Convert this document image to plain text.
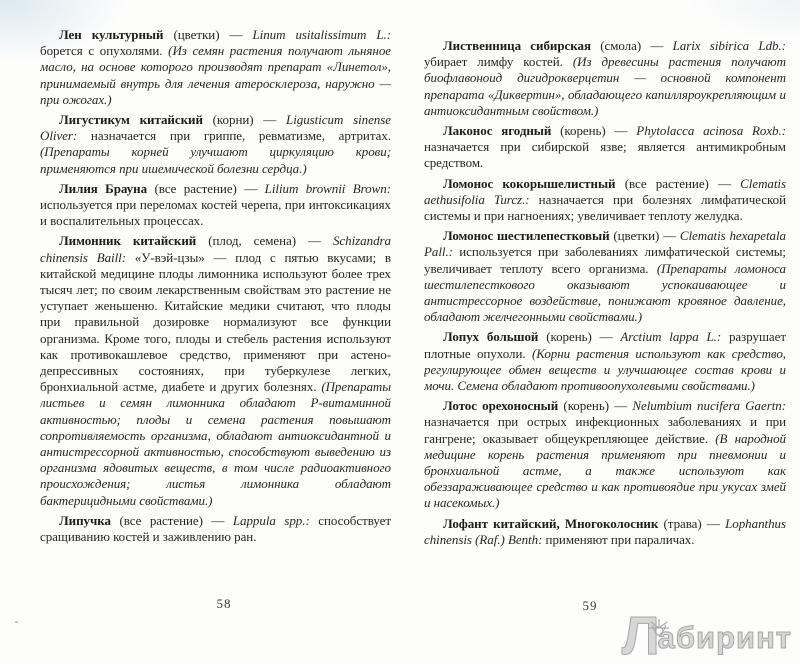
Лен культурный (цветки) — Linum usitalissimum L.: борется с опухолями. (Из семян растения получают льняное масло, на основе которого производят препарат «Линетол», принимаемый внутрь для лечения атеросклероза, наружно — при ожогах.)

Лигустикум китайский (корни) — Ligusticum sinense Oliver: назначается при гриппе, ревматизме, артритах. (Препараты корней улучшают циркуляцию крови; применяются при ишемической болезни сердца.)

Лилия Брауна (все растение) — Lilium brownii Brown: используется при переломах костей черепа, при интоксикациях и воспалительных процессах.

Лимонник китайский (плод, семена) — Schizandra chinensis Baill: «У-вэй-цзы» — плод с пятью вкусами; в китайской медицине плоды лимонника используют более трех тысяч лет; по своим лекарственным свойствам это растение не уступает женьшеню. Китайские медики считают, что плоды при правильной дозировке нормализуют все функции организма. Кроме того, плоды и стебель растения используют как противокашлевое средство, применяют при астено-депрессивных состояниях, при туберкулезе легких, бронхиальной астме, диабете и других болезнях. (Препараты листьев и семян лимонника обладают Р-витаминной активностью; плоды и семена растения повышают сопротивляемость организма, обладают антиоксидантной и антистрессорной активностью, способствуют выведению из организма ядовитых веществ, в том числе радиоактивного происхождения; листья лимонника обладают бактерицидными свойствами.)

Липучка (все растение) — Lappula spp.: способствует сращиванию костей и заживлению ран.

Лиственница сибирская (смола) — Larix sibirica Ldb.: убирает лимфу костей. (Из древесины растения получают биофлавоноид дигидрокверцетин — основной компонент препарата «Диквертин», обладающего капилляроукрепляющим и антиоксидантным свойством.)

Лаконос ягодный (корень) — Phytolacca acinosa Roxb.: назначается при сибирской язве; является антимикробным средством.

Ломонос кокорышелистный (все растение) — Clematis aethusifolia Turcz.: назначается при болезнях лимфатической системы и при нагноениях; увеличивает теплоту желудка.

Ломонос шестилепестковый (цветки) — Clematis hexapetala Pall.: используется при заболеваниях лимфатической системы; увеличивает теплоту всего организма. (Препараты ломоноса шестилепесткового оказывают успокаивающее и антистрессорное воздействие, понижают кровяное давление, обладают желчегонными свойствами.)

Лопух большой (корень) — Arctium lappa L.: разрушает плотные опухоли. (Корни растения используют как средство, регулирующее обмен веществ и улучшающее состав крови и мочи. Семена обладают противоопухолевыми свойствами.)

Лотос орехоносный (корень) — Nelumbium nucifera Gaertn: назначается при острых инфекционных заболеваниях и при гангрене; оказывает общеукрепляющее действие. (В народной медицине корень растения применяют при пневмонии и бронхиальной астме, а также используют как обеззараживающее средство и как противоядие при укусах змей и насекомых.)

Лофант китайский, Многоколосник (трава) — Lophanthus chinensis (Raf.) Benth: применяют при параличах.

58	59
Л
абиринт
